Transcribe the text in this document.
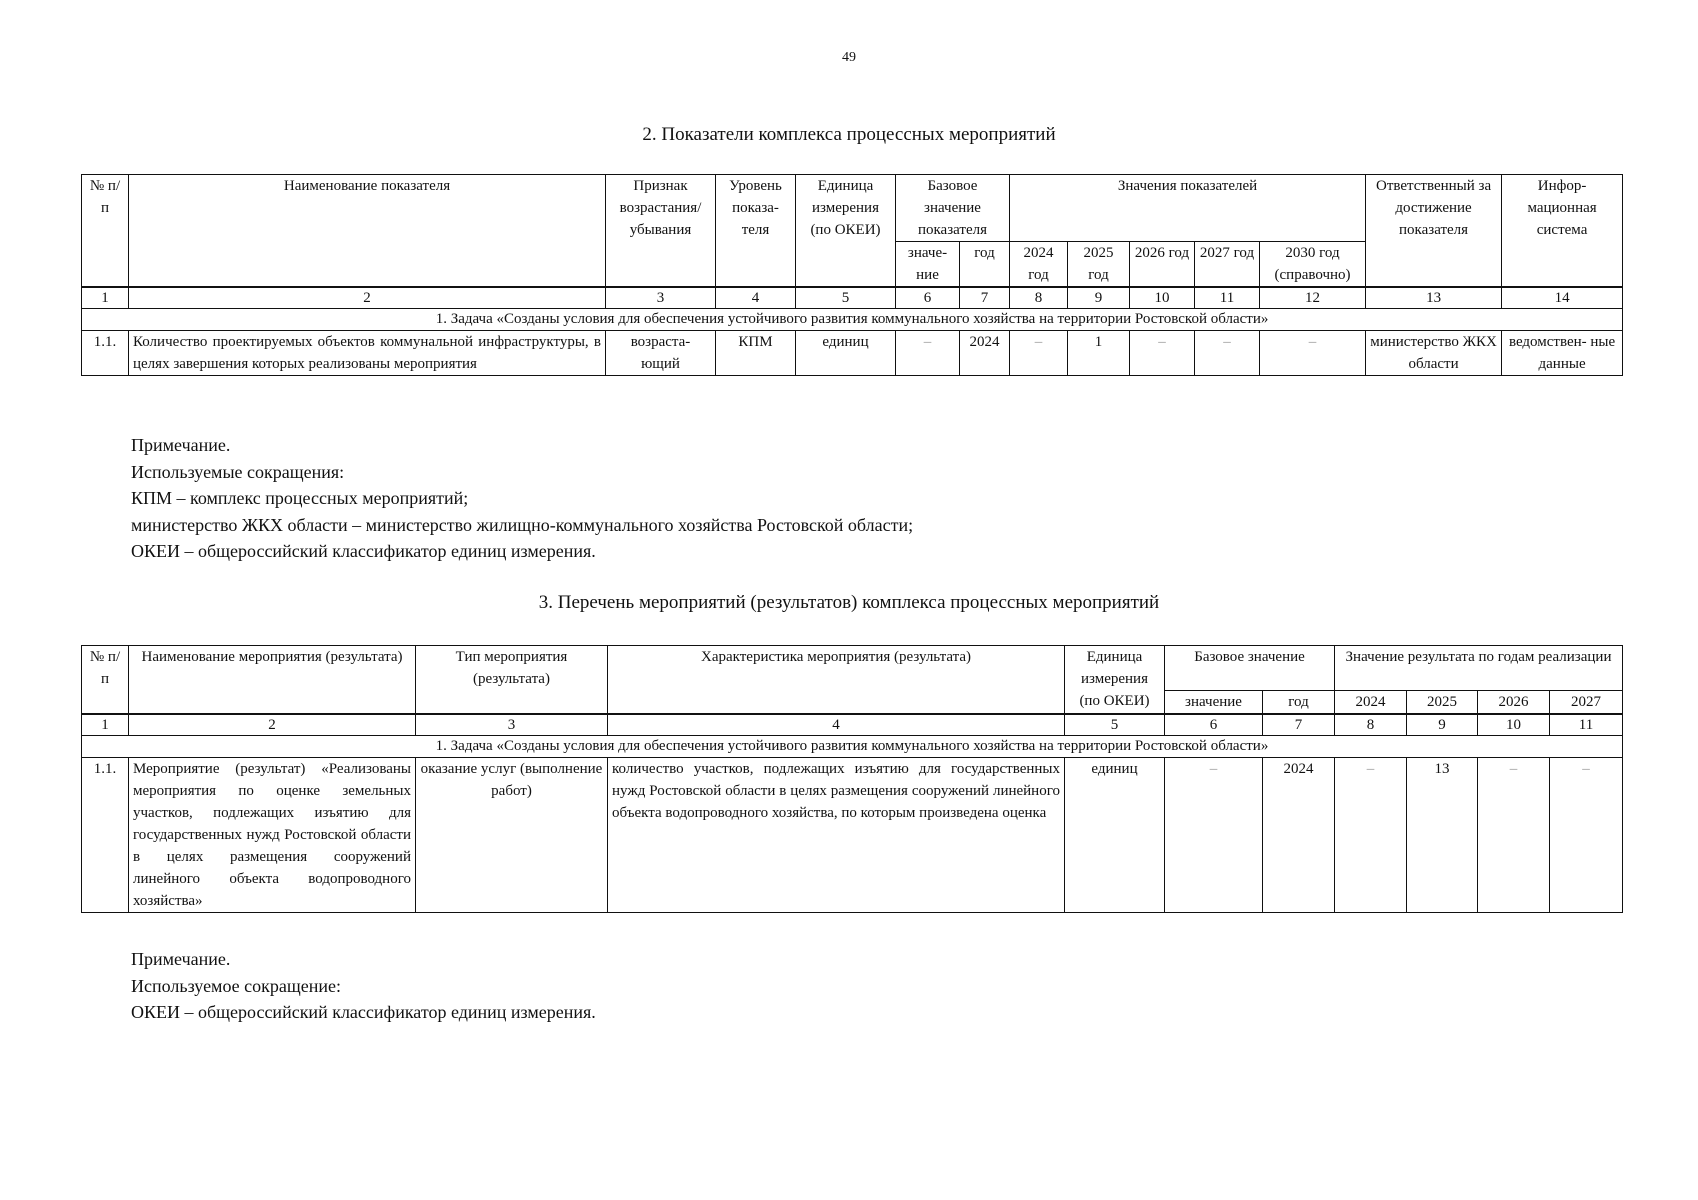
49
2. Показатели комплекса процессных мероприятий
№ п/п	Наименование показателя	Признак возрастания/ убывания	Уровень показа- теля	Единица измерения (по ОКЕИ)	Базовое значение показателя		Значения показателей					Ответственный за достижение показателя	Инфор- мационная система
					значе- ние	год	2024 год	2025 год	2026 год	2027 год	2030 год (справочно)		
1	2	3	4	5	6	7	8	9	10	11	12	13	14
1. Задача «Созданы условия для обеспечения устойчивого развития коммунального хозяйства на территории Ростовской области»													
1.1.	Количество проектируемых объектов коммунальной инфраструктуры, в целях завершения которых реализованы мероприятия	возраста- ющий	КПМ	единиц	–	2024	–	1	–	–	–	министерство ЖКХ области	ведомствен- ные данные
Примечание.
Используемые сокращения:
КПМ – комплекс процессных мероприятий;
министерство ЖКХ области – министерство жилищно-коммунального хозяйства Ростовской области;
ОКЕИ – общероссийский классификатор единиц измерения.
3. Перечень мероприятий (результатов) комплекса процессных мероприятий
№ п/п	Наименование мероприятия (результата)	Тип мероприятия (результата)	Характеристика мероприятия (результата)	Единица измерения (по ОКЕИ)	Базовое значение		Значение результата по годам реализации			
					значение	год	2024	2025	2026	2027
1	2	3	4	5	6	7	8	9	10	11
1. Задача «Созданы условия для обеспечения устойчивого развития коммунального хозяйства на территории Ростовской области»										
1.1.	Мероприятие (результат) «Реализованы мероприятия по оценке земельных участков, подлежащих изъятию для государственных нужд Ростовской области в целях размещения сооружений линейного объекта водопроводного хозяйства»	оказание услуг (выполнение работ)	количество участков, подлежащих изъятию для государственных нужд Ростовской области в целях размещения сооружений линейного объекта водопроводного хозяйства, по которым произведена оценка	единиц	–	2024	–	13	–	–
Примечание.
Используемое сокращение:
ОКЕИ – общероссийский классификатор единиц измерения.
